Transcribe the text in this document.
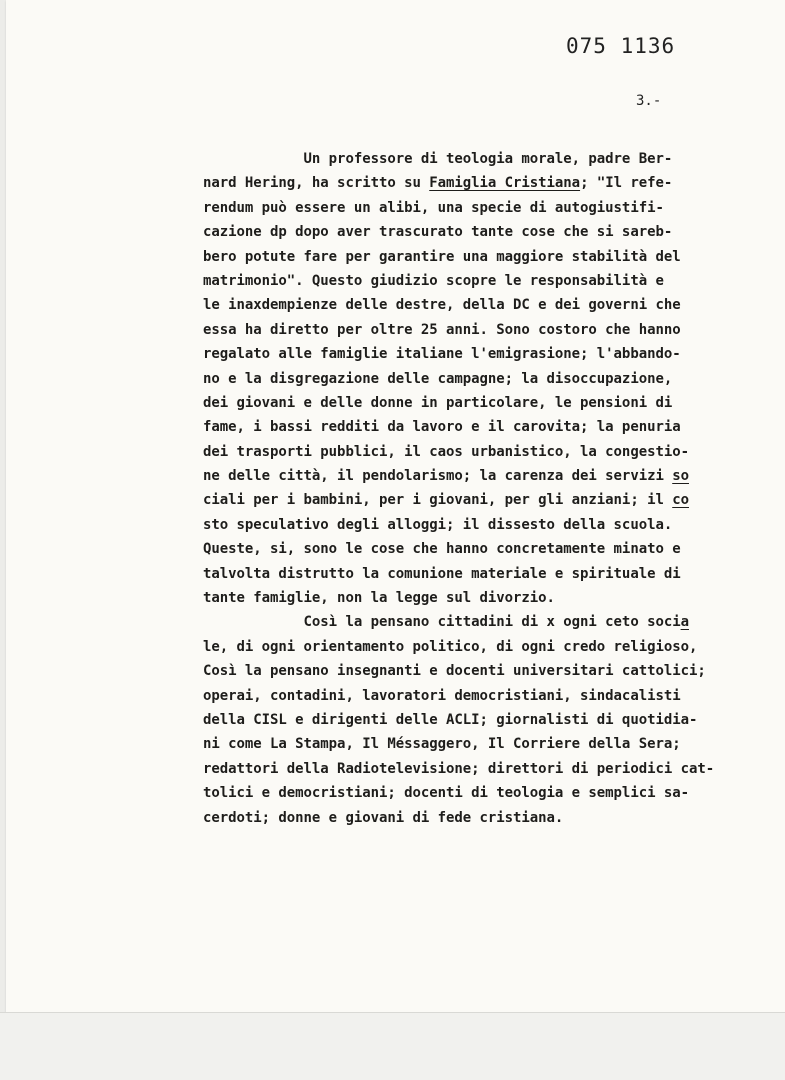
075 1136
3.-
Un professore di teologia morale, padre Ber-
nard Hering, ha scritto su Famiglia Cristiana; "Il refe-
rendum può essere un alibi, una specie di autogiustifi-
cazione dp dopo aver trascurato tante cose che si sareb-
bero potute fare per garantire una maggiore stabilità del
matrimonio". Questo giudizio scopre le responsabilità e
le inaxdempienze delle destre, della DC e dei governi che
essa ha diretto per oltre 25 anni. Sono costoro che hanno
regalato alle famiglie italiane l'emigrasione; l'abbando-
no e la disgregazione delle campagne; la disoccupazione,
dei giovani e delle donne in particolare, le pensioni di
fame, i bassi redditi da lavoro e il carovita; la penuria
dei trasporti pubblici, il caos urbanistico, la congestio-
ne delle città, il pendolarismo; la carenza dei servizi so
ciali per i bambini, per i giovani, per gli anziani; il co
sto speculativo degli alloggi; il dissesto della scuola.
Queste, si, sono le cose che hanno concretamente minato e
talvolta distrutto la comunione materiale e spirituale di
tante famiglie, non la legge sul divorzio.
Così la pensano cittadini di x ogni ceto socia
le, di ogni orientamento politico, di ogni credo religioso,
Così la pensano insegnanti e docenti universitari cattolici;
operai, contadini, lavoratori democristiani, sindacalisti
della CISL e dirigenti delle ACLI; giornalisti di quotidia-
ni come La Stampa, Il Méssaggero, Il Corriere della Sera;
redattori della Radiotelevisione; direttori di periodici cat-
tolici e democristiani; docenti di teologia e semplici sa-
cerdoti; donne e giovani di fede cristiana.
